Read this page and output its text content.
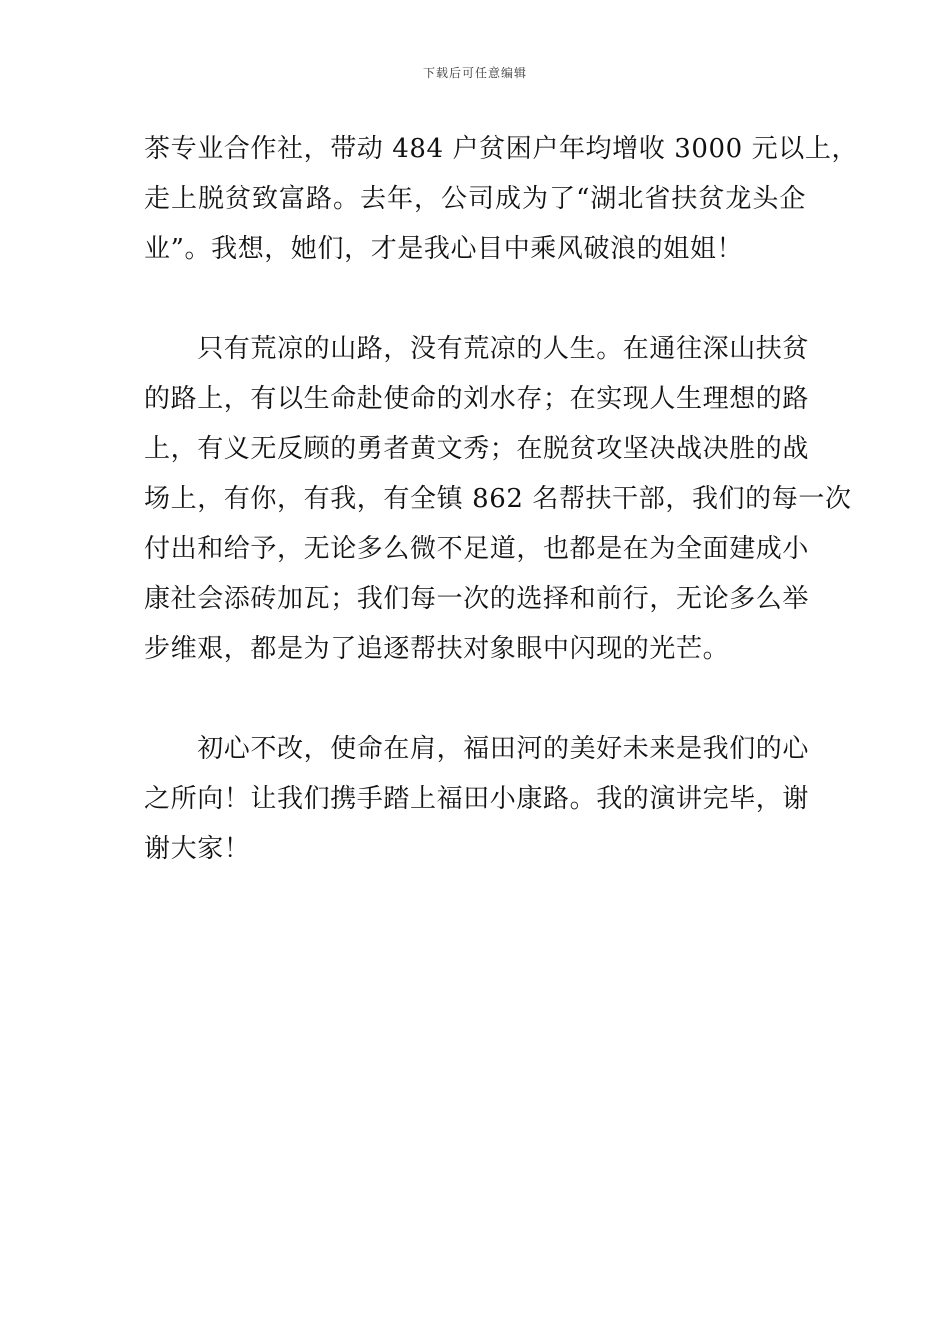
下载后可任意编辑
茶专业合作社，带动 484 户贫困户年均增收 3000 元以上，
走上脱贫致富路。去年，公司成为了“湖北省扶贫龙头企
业”。我想，她们，才是我心目中乘风破浪的姐姐！
　　只有荒凉的山路，没有荒凉的人生。在通往深山扶贫
的路上，有以生命赴使命的刘水存；在实现人生理想的路
上，有义无反顾的勇者黄文秀；在脱贫攻坚决战决胜的战
场上，有你，有我，有全镇 862 名帮扶干部，我们的每一次
付出和给予，无论多么微不足道，也都是在为全面建成小
康社会添砖加瓦；我们每一次的选择和前行，无论多么举
步维艰，都是为了追逐帮扶对象眼中闪现的光芒。
　　初心不改，使命在肩，福田河的美好未来是我们的心
之所向！让我们携手踏上福田小康路。我的演讲完毕，谢
谢大家！
